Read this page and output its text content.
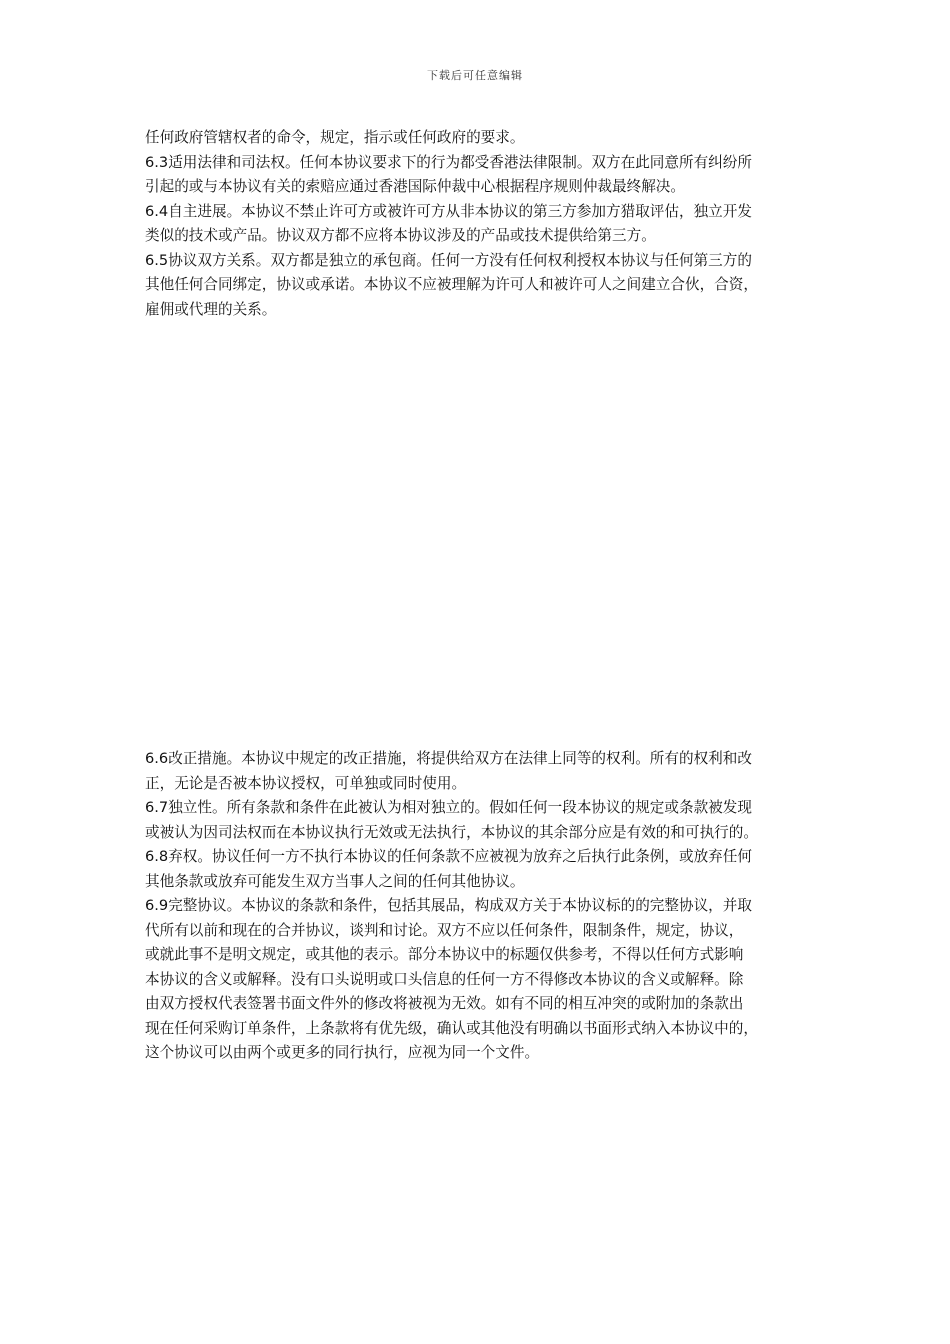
下载后可任意编辑
任何政府管辖权者的命令，规定，指示或任何政府的要求。
6.3适用法律和司法权。任何本协议要求下的行为都受香港法律限制。双方在此同意所有纠纷所
引起的或与本协议有关的索赔应通过香港国际仲裁中心根据程序规则仲裁最终解决。
6.4自主进展。本协议不禁止许可方或被许可方从非本协议的第三方参加方猎取评估，独立开发
类似的技术或产品。协议双方都不应将本协议涉及的产品或技术提供给第三方。
6.5协议双方关系。双方都是独立的承包商。任何一方没有任何权利授权本协议与任何第三方的
其他任何合同绑定，协议或承诺。本协议不应被理解为许可人和被许可人之间建立合伙，合资，
雇佣或代理的关系。
6.6改正措施。本协议中规定的改正措施，将提供给双方在法律上同等的权利。所有的权利和改
正，无论是否被本协议授权，可单独或同时使用。
6.7独立性。所有条款和条件在此被认为相对独立的。假如任何一段本协议的规定或条款被发现
或被认为因司法权而在本协议执行无效或无法执行，本协议的其余部分应是有效的和可执行的。
6.8弃权。协议任何一方不执行本协议的任何条款不应被视为放弃之后执行此条例，或放弃任何
其他条款或放弃可能发生双方当事人之间的任何其他协议。
6.9完整协议。本协议的条款和条件，包括其展品，构成双方关于本协议标的的完整协议，并取
代所有以前和现在的合并协议，谈判和讨论。双方不应以任何条件，限制条件，规定，协议，
或就此事不是明文规定，或其他的表示。部分本协议中的标题仅供参考，不得以任何方式影响
本协议的含义或解释。没有口头说明或口头信息的任何一方不得修改本协议的含义或解释。除
由双方授权代表签署书面文件外的修改将被视为无效。如有不同的相互冲突的或附加的条款出
现在任何采购订单条件，上条款将有优先级，确认或其他没有明确以书面形式纳入本协议中的，
这个协议可以由两个或更多的同行执行，应视为同一个文件。
